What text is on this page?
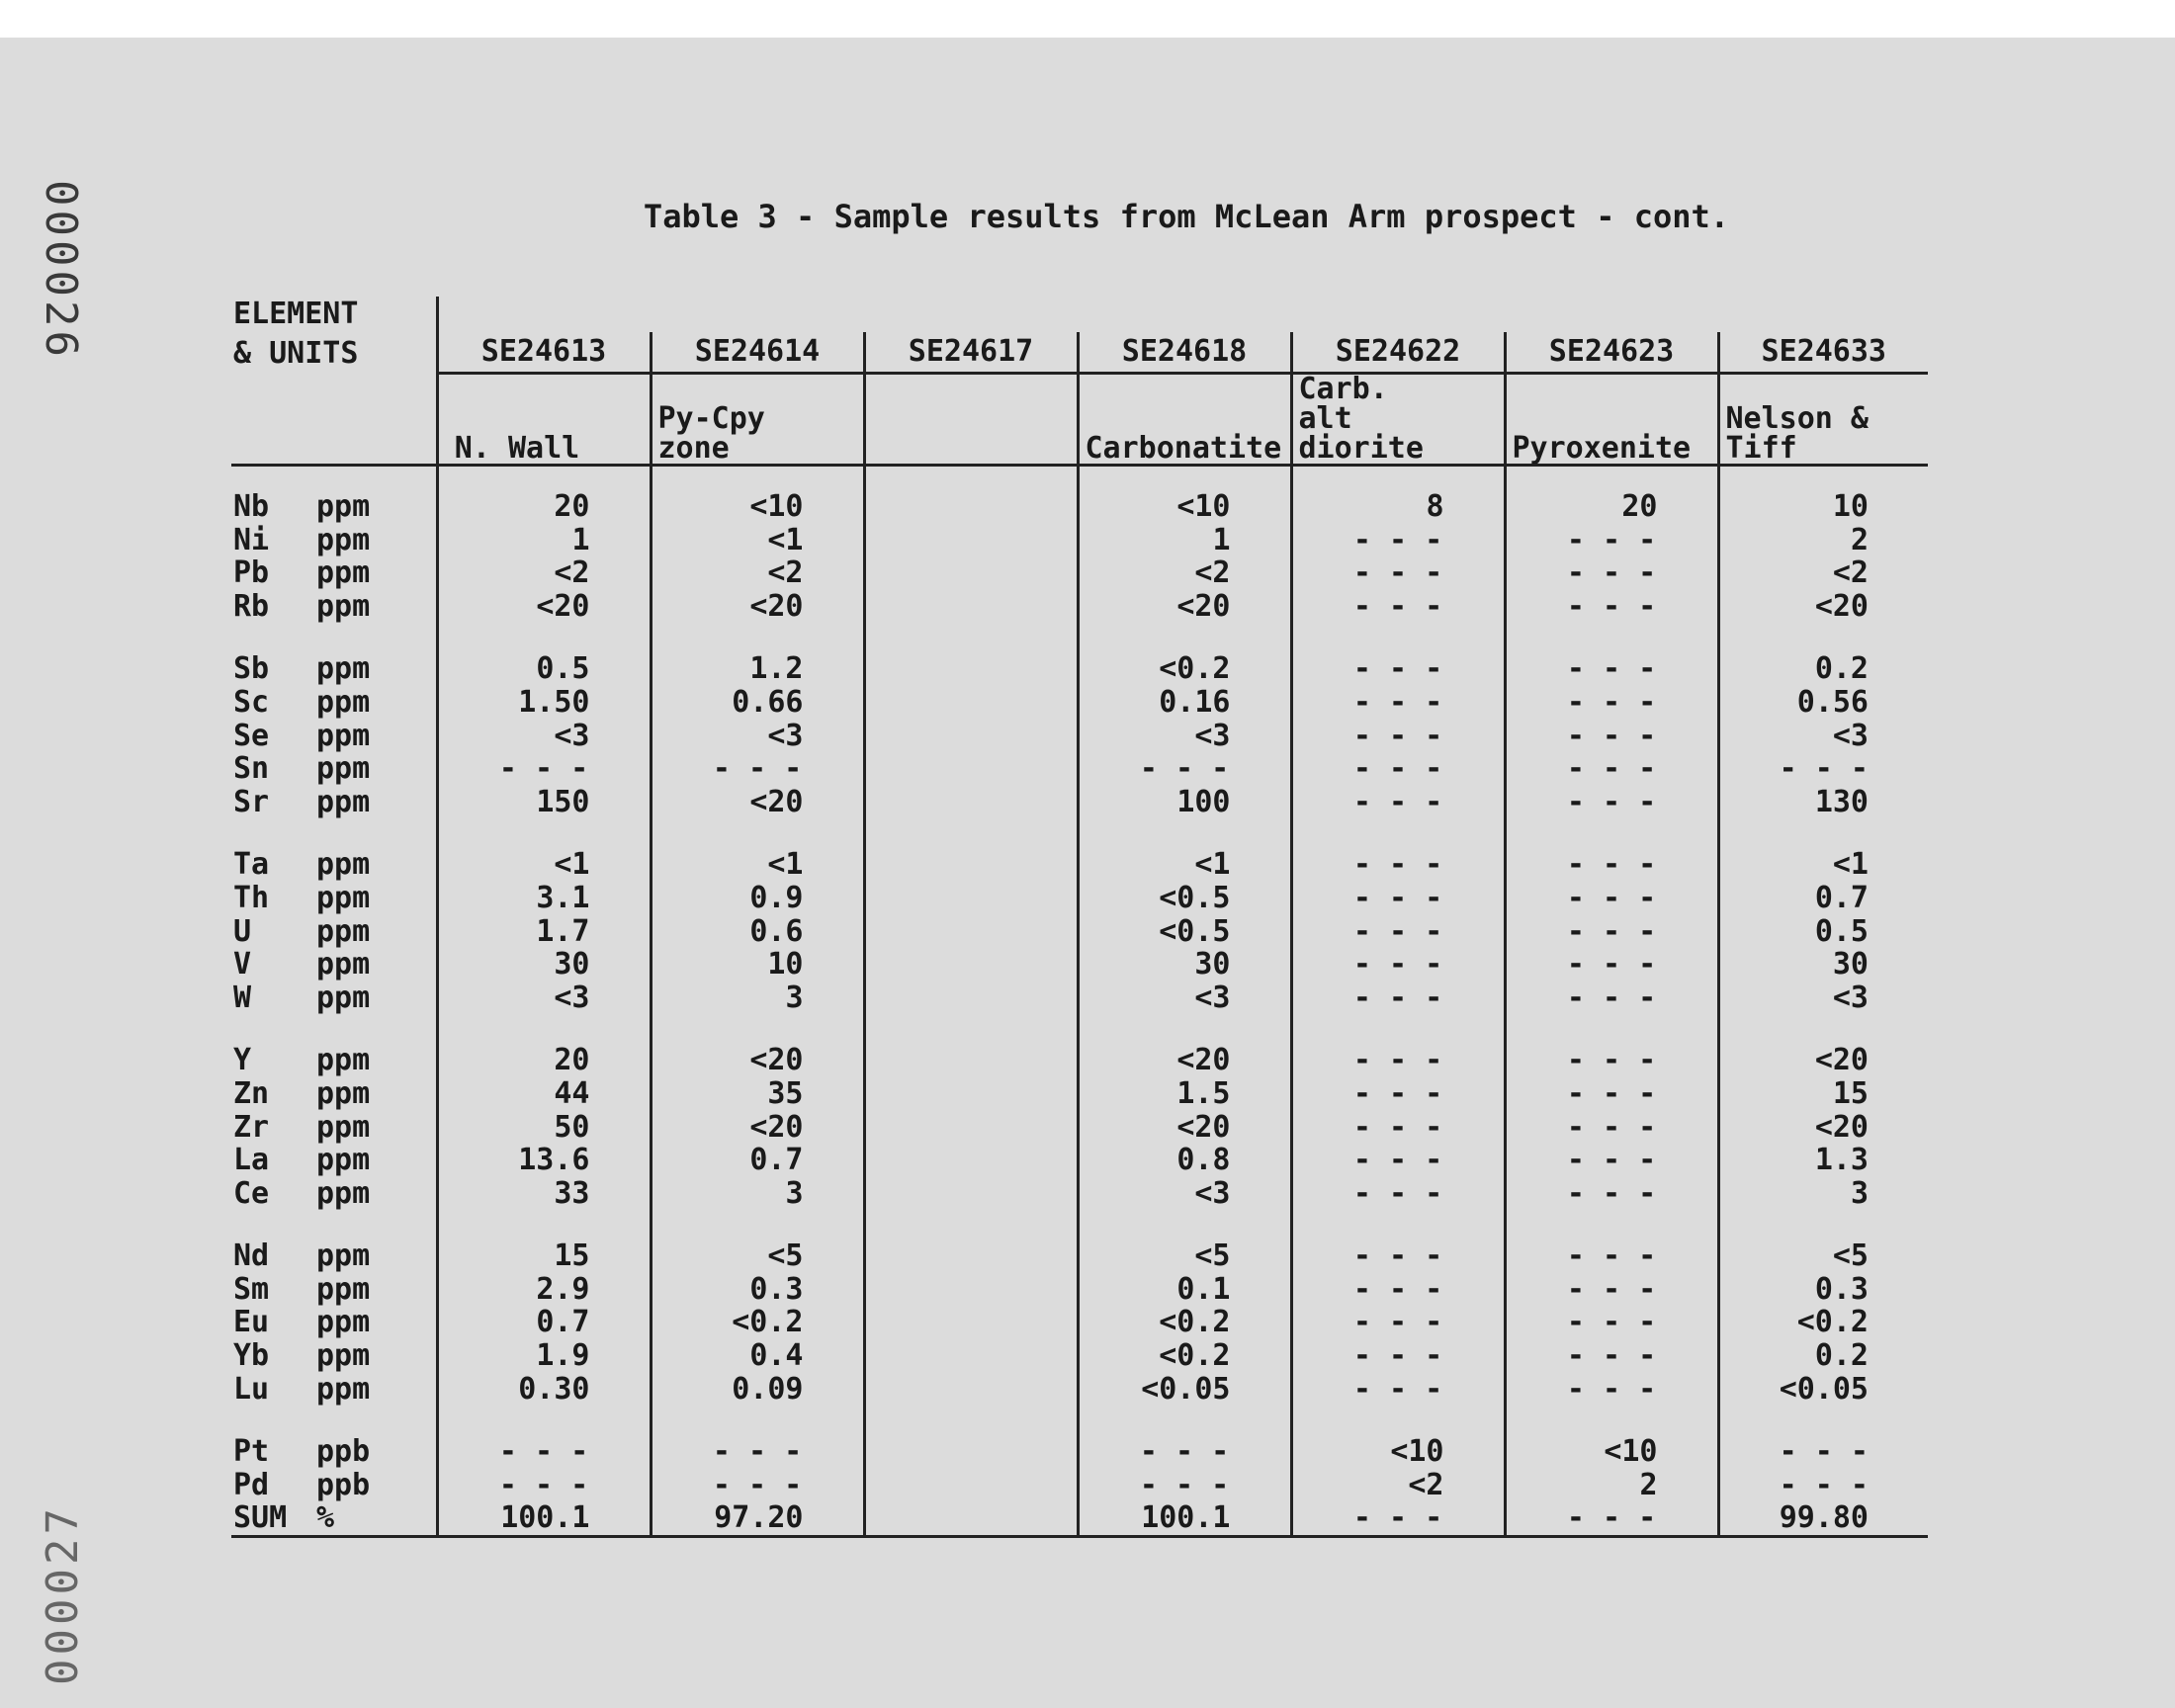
000026
000027
Table 3 - Sample results from McLean Arm prospect - cont.
ELEMENT								
& UNITS		SE24613	SE24614	SE24617	SE24618	SE24622	SE24623	SE24633
		N. Wall	Py-Cpy zone		Carbonatite	Carb. alt diorite	Pyroxenite	Nelson & Tiff

Nb	ppm	20	<10		<10	8	20	10
Ni	ppm	1	<1		1	- - -	- - -	2
Pb	ppm	<2	<2		<2	- - -	- - -	<2
Rb	ppm	<20	<20		<20	- - -	- - -	<20

Sb	ppm	0.5	1.2		<0.2	- - -	- - -	0.2
Sc	ppm	1.50	0.66		0.16	- - -	- - -	0.56
Se	ppm	<3	<3		<3	- - -	- - -	<3
Sn	ppm	- - -	- - -		- - -	- - -	- - -	- - -
Sr	ppm	150	<20		100	- - -	- - -	130

Ta	ppm	<1	<1		<1	- - -	- - -	<1
Th	ppm	3.1	0.9		<0.5	- - -	- - -	0.7
U	ppm	1.7	0.6		<0.5	- - -	- - -	0.5
V	ppm	30	10		30	- - -	- - -	30
W	ppm	<3	3		<3	- - -	- - -	<3

Y	ppm	20	<20		<20	- - -	- - -	<20
Zn	ppm	44	35		1.5	- - -	- - -	15
Zr	ppm	50	<20		<20	- - -	- - -	<20
La	ppm	13.6	0.7		0.8	- - -	- - -	1.3
Ce	ppm	33	3		<3	- - -	- - -	3

Nd	ppm	15	<5		<5	- - -	- - -	<5
Sm	ppm	2.9	0.3		0.1	- - -	- - -	0.3
Eu	ppm	0.7	<0.2		<0.2	- - -	- - -	<0.2
Yb	ppm	1.9	0.4		<0.2	- - -	- - -	0.2
Lu	ppm	0.30	0.09		<0.05	- - -	- - -	<0.05

Pt	ppb	- - -	- - -		- - -	<10	<10	- - -
Pd	ppb	- - -	- - -		- - -	<2	2	- - -
SUM	%	100.1	97.20		100.1	- - -	- - -	99.80
